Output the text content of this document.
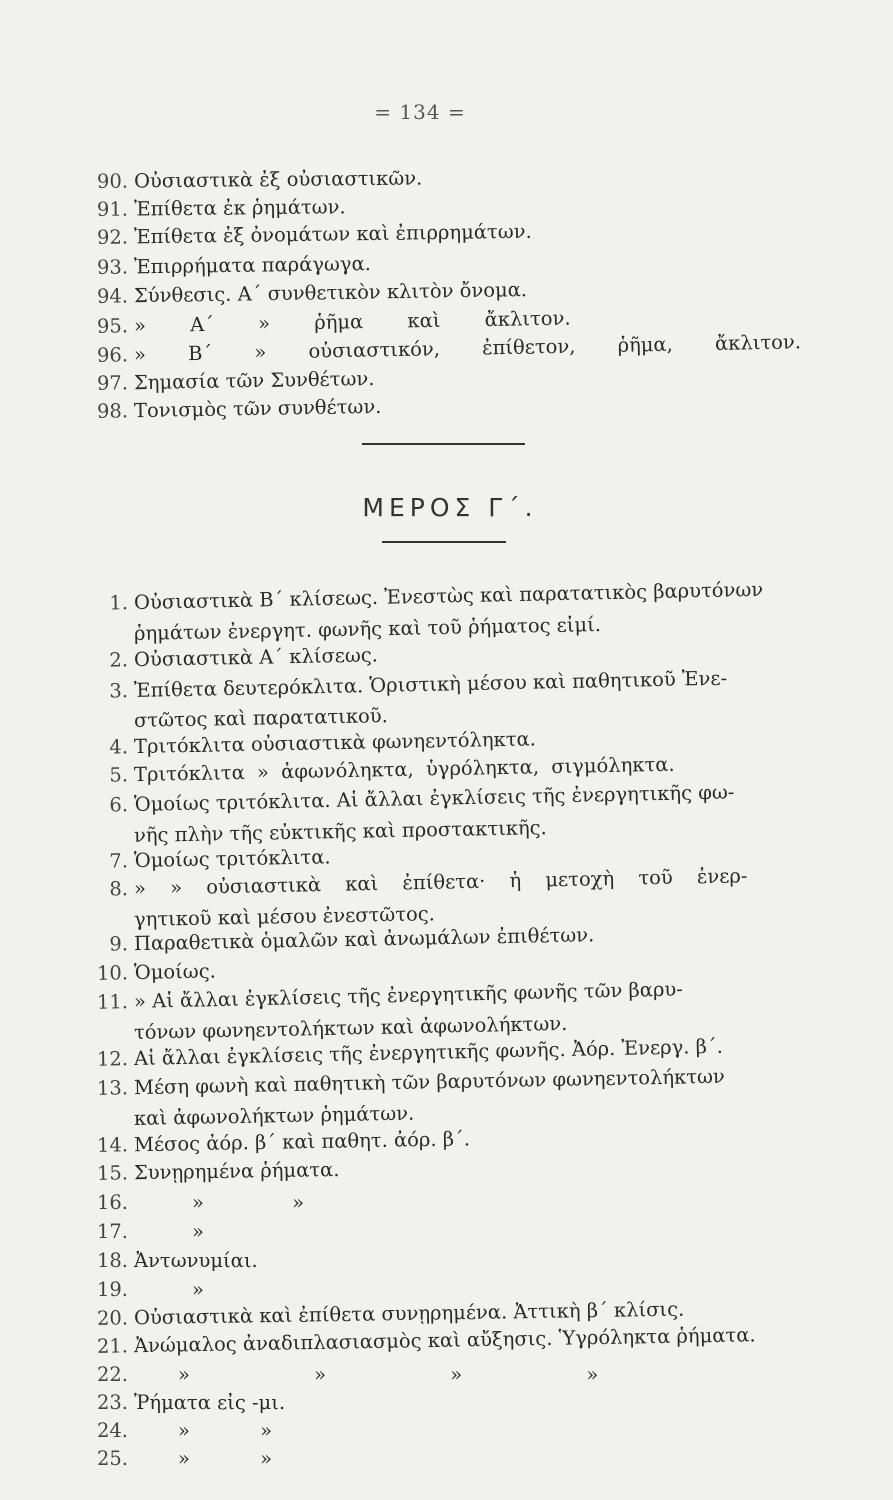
= 134 =
90. Οὐσιαστικὰ ἐξ οὐσιαστικῶν.
91. Ἐπίθετα ἐκ ῥημάτων.
92. Ἐπίθετα ἐξ ὀνομάτων καὶ ἐπιρρημάτων.
93. Ἐπιρρήματα παράγωγα.
94. Σύνθεσις. Α΄ συνθετικὸν κλιτὸν ὄνομα.
95. » Α΄ » ῥῆμα καὶ ἄκλιτον.
96. » Β΄ » οὐσιαστικόν, ἐπίθετον, ῥῆμα, ἄκλιτον.
97. Σημασία τῶν Συνθέτων.
98. Τονισμὸς τῶν συνθέτων.
ΜΕΡΟΣ Γ΄.
1. Οὐσιαστικὰ Β΄ κλίσεως. Ἐνεστὼς καὶ παρατατικὸς βαρυτόνων
ῥημάτων ἐνεργητ. φωνῆς καὶ τοῦ ῥήματος εἰμί.
2. Οὐσιαστικὰ Α΄ κλίσεως.
3. Ἐπίθετα δευτερόκλιτα. Ὁριστικὴ μέσου καὶ παθητικοῦ Ἐνε-
στῶτος καὶ παρατατικοῦ.
4. Τριτόκλιτα οὐσιαστικὰ φωνηεντόληκτα.
5. Τριτόκλιτα » ἀφωνόληκτα, ὑγρόληκτα, σιγμόληκτα.
6. Ὁμοίως τριτόκλιτα. Αἱ ἄλλαι ἐγκλίσεις τῆς ἐνεργητικῆς φω-
νῆς πλὴν τῆς εὐκτικῆς καὶ προστακτικῆς.
7. Ὁμοίως τριτόκλιτα.
8. » » οὐσιαστικὰ καὶ ἐπίθετα· ἡ μετοχὴ τοῦ ἐνερ-
γητικοῦ καὶ μέσου ἐνεστῶτος.
9. Παραθετικὰ ὁμαλῶν καὶ ἀνωμάλων ἐπιθέτων.
10. Ὁμοίως.
11. » Αἱ ἄλλαι ἐγκλίσεις τῆς ἐνεργητικῆς φωνῆς τῶν βαρυ-
τόνων φωνηεντολήκτων καὶ ἀφωνολήκτων.
12. Αἱ ἄλλαι ἐγκλίσεις τῆς ἐνεργητικῆς φωνῆς. Ἀόρ. Ἐνεργ. β΄.
13. Μέση φωνὴ καὶ παθητικὴ τῶν βαρυτόνων φωνηεντολήκτων
καὶ ἀφωνολήκτων ῥημάτων.
14. Μέσος ἀόρ. β΄ καὶ παθητ. ἀόρ. β΄.
15. Συνῃρημένα ῥήματα.
16.	» »
17.	»
18. Ἀντωνυμίαι.
19.	»
20. Οὐσιαστικὰ καὶ ἐπίθετα συνῃρημένα. Ἀττικὴ β΄ κλίσις.
21. Ἀνώμαλος ἀναδιπλασιασμὸς καὶ αὔξησις. Ὑγρόληκτα ῥήματα.
22.	» » » »
23. Ῥήματα εἰς -μι.
24.	» »
25.	» »
